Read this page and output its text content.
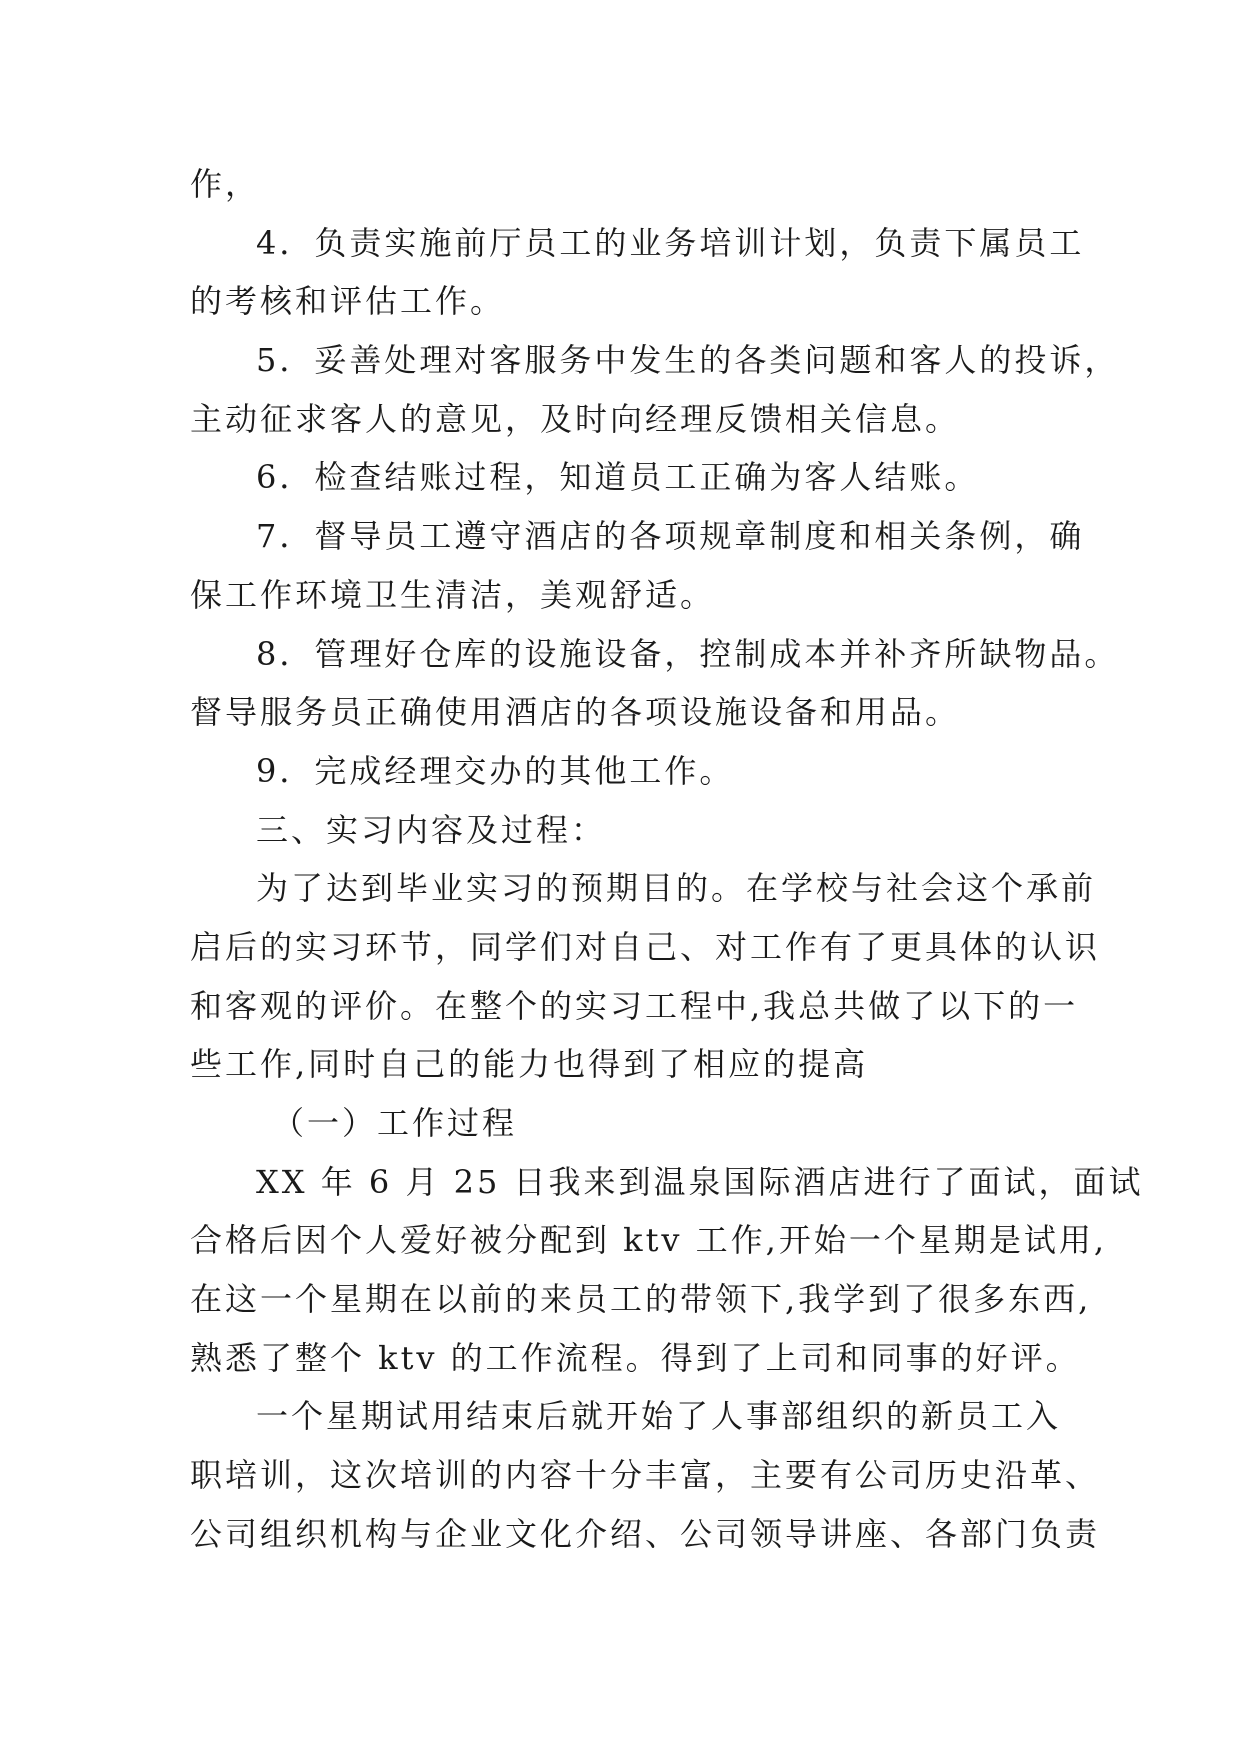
作，
4．负责实施前厅员工的业务培训计划，负责下属员工
的考核和评估工作。
5．妥善处理对客服务中发生的各类问题和客人的投诉，
主动征求客人的意见，及时向经理反馈相关信息。
6．检查结账过程，知道员工正确为客人结账。
7．督导员工遵守酒店的各项规章制度和相关条例，确
保工作环境卫生清洁，美观舒适。
8．管理好仓库的设施设备，控制成本并补齐所缺物品。
督导服务员正确使用酒店的各项设施设备和用品。
9．完成经理交办的其他工作。
三、实习内容及过程：
为了达到毕业实习的预期目的。在学校与社会这个承前
启后的实习环节，同学们对自己、对工作有了更具体的认识
和客观的评价。在整个的实习工程中,我总共做了以下的一
些工作,同时自己的能力也得到了相应的提高
（一）工作过程
XX 年 6 月 25 日我来到温泉国际酒店进行了面试，面试
合格后因个人爱好被分配到 ktv 工作,开始一个星期是试用,
在这一个星期在以前的来员工的带领下,我学到了很多东西,
熟悉了整个 ktv 的工作流程。得到了上司和同事的好评。
一个星期试用结束后就开始了人事部组织的新员工入
职培训，这次培训的内容十分丰富，主要有公司历史沿革、
公司组织机构与企业文化介绍、公司领导讲座、各部门负责
